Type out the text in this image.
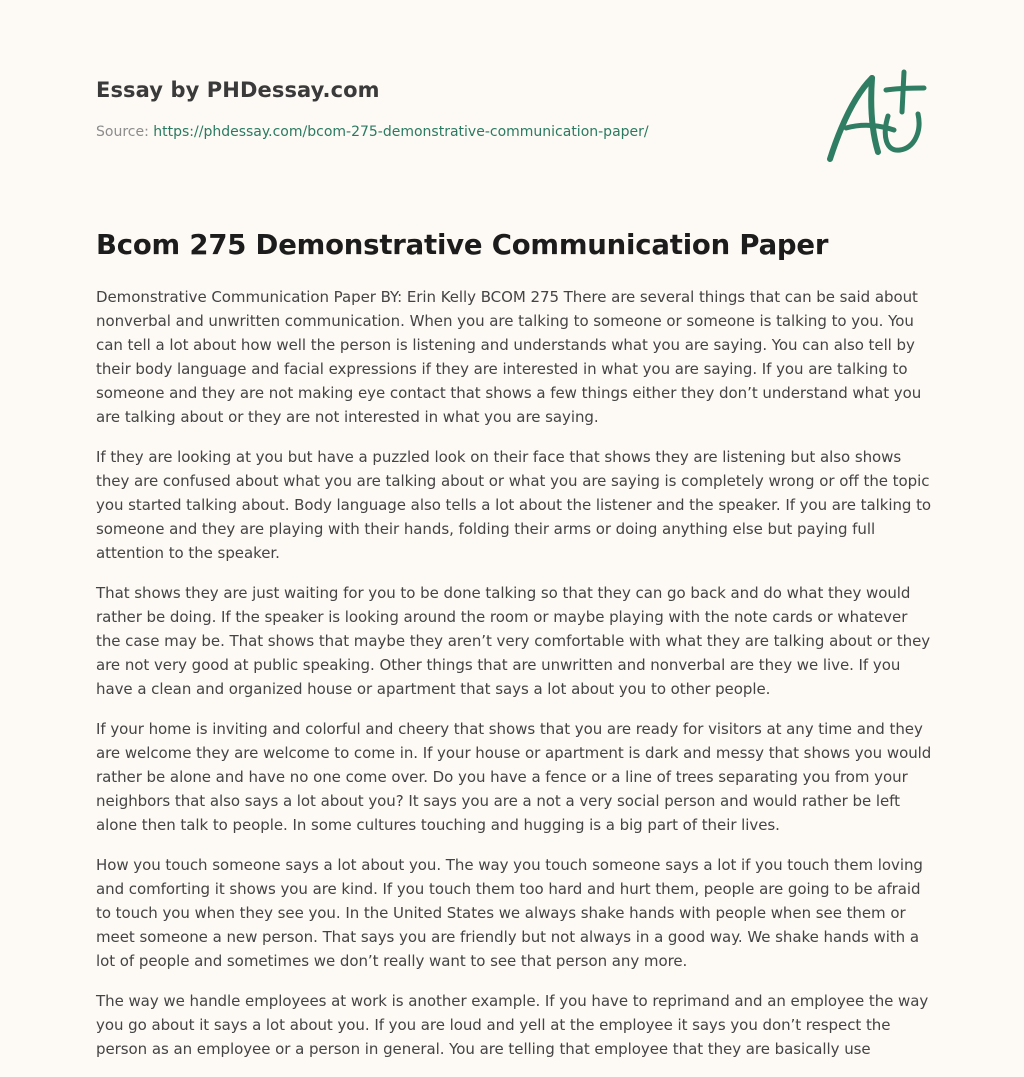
Essay by PHDessay.com
Source: https://phdessay.com/bcom-275-demonstrative-communication-paper/
Bcom 275 Demonstrative Communication Paper

Demonstrative Communication Paper BY: Erin Kelly BCOM 275 There are several things that can be said about nonverbal and unwritten communication. When you are talking to someone or someone is talking to you. You can tell a lot about how well the person is listening and understands what you are saying. You can also tell by their body language and facial expressions if they are interested in what you are saying. If you are talking to someone and they are not making eye contact that shows a few things either they don’t understand what you are talking about or they are not interested in what you are saying.

If they are looking at you but have a puzzled look on their face that shows they are listening but also shows they are confused about what you are talking about or what you are saying is completely wrong or off the topic you started talking about. Body language also tells a lot about the listener and the speaker. If you are talking to someone and they are playing with their hands, folding their arms or doing anything else but paying full attention to the speaker.

That shows they are just waiting for you to be done talking so that they can go back and do what they would rather be doing. If the speaker is looking around the room or maybe playing with the note cards or whatever the case may be. That shows that maybe they aren’t very comfortable with what they are talking about or they are not very good at public speaking. Other things that are unwritten and nonverbal are they we live. If you have a clean and organized house or apartment that says a lot about you to other people.

If your home is inviting and colorful and cheery that shows that you are ready for visitors at any time and they are welcome they are welcome to come in. If your house or apartment is dark and messy that shows you would rather be alone and have no one come over. Do you have a fence or a line of trees separating you from your neighbors that also says a lot about you? It says you are a not a very social person and would rather be left alone then talk to people. In some cultures touching and hugging is a big part of their lives.

How you touch someone says a lot about you. The way you touch someone says a lot if you touch them loving and comforting it shows you are kind. If you touch them too hard and hurt them, people are going to be afraid to touch you when they see you. In the United States we always shake hands with people when see them or meet someone a new person. That says you are friendly but not always in a good way. We shake hands with a lot of people and sometimes we don’t really want to see that person any more.

The way we handle employees at work is another example. If you have to reprimand and an employee the way you go about it says a lot about you. If you are loud and yell at the employee it says you don’t respect the person as an employee or a person in general. You are telling that employee that they are basically use
